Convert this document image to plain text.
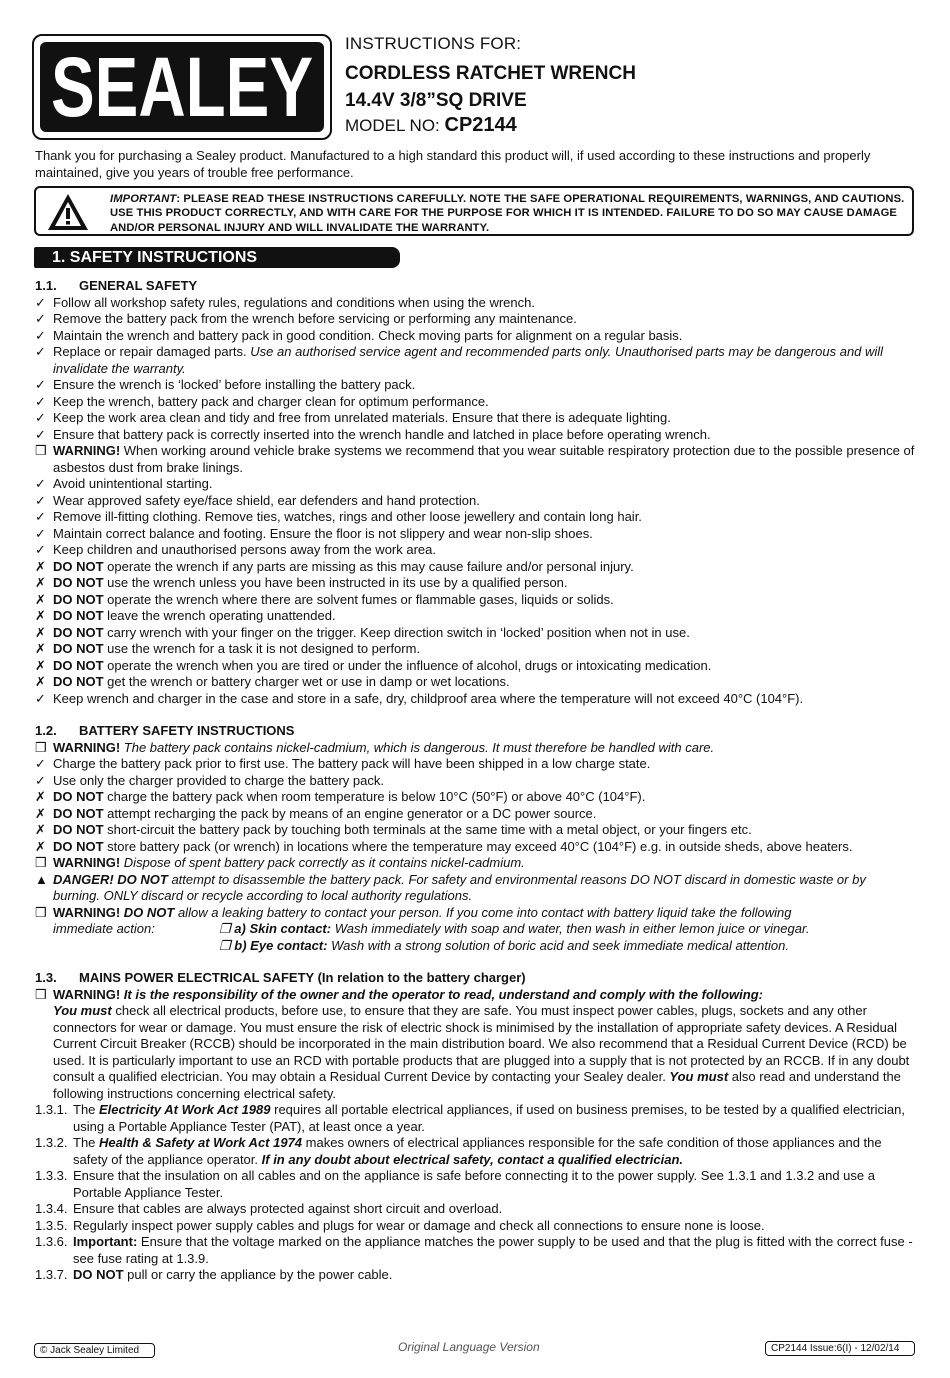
SEALEY INSTRUCTIONS FOR:
CORDLESS RATCHET WRENCH
14.4V 3/8”SQ DRIVE
MODEL NO: CP2144
Thank you for purchasing a Sealey product. Manufactured to a high standard this product will, if used according to these instructions and properly maintained, give you years of trouble free performance.
IMPORTANT: PLEASE READ THESE INSTRUCTIONS CAREFULLY. NOTE THE SAFE OPERATIONAL REQUIREMENTS, WARNINGS, AND CAUTIONS. USE THIS PRODUCT CORRECTLY, AND WITH CARE FOR THE PURPOSE FOR WHICH IT IS INTENDED. FAILURE TO DO SO MAY CAUSE DAMAGE AND/OR PERSONAL INJURY AND WILL INVALIDATE THE WARRANTY.
1. SAFETY INSTRUCTIONS
1.1. GENERAL SAFETY
✓ Follow all workshop safety rules, regulations and conditions when using the wrench.
✓ Remove the battery pack from the wrench before servicing or performing any maintenance.
✓ Maintain the wrench and battery pack in good condition. Check moving parts for alignment on a regular basis.
✓ Replace or repair damaged parts. Use an authorised service agent and recommended parts only. Unauthorised parts may be dangerous and will invalidate the warranty.
✓ Ensure the wrench is ‘locked’ before installing the battery pack.
✓ Keep the wrench, battery pack and charger clean for optimum performance.
✓ Keep the work area clean and tidy and free from unrelated materials. Ensure that there is adequate lighting.
✓ Ensure that battery pack is correctly inserted into the wrench handle and latched in place before operating wrench.
❒ WARNING! When working around vehicle brake systems we recommend that you wear suitable respiratory protection due to the possible presence of asbestos dust from brake linings.
✓ Avoid unintentional starting.
✓ Wear approved safety eye/face shield, ear defenders and hand protection.
✓ Remove ill-fitting clothing. Remove ties, watches, rings and other loose jewellery and contain long hair.
✓ Maintain correct balance and footing. Ensure the floor is not slippery and wear non-slip shoes.
✓ Keep children and unauthorised persons away from the work area.
✗ DO NOT operate the wrench if any parts are missing as this may cause failure and/or personal injury.
✗ DO NOT use the wrench unless you have been instructed in its use by a qualified person.
✗ DO NOT operate the wrench where there are solvent fumes or flammable gases, liquids or solids.
✗ DO NOT leave the wrench operating unattended.
✗ DO NOT carry wrench with your finger on the trigger. Keep direction switch in ‘locked’ position when not in use.
✗ DO NOT use the wrench for a task it is not designed to perform.
✗ DO NOT operate the wrench when you are tired or under the influence of alcohol, drugs or intoxicating medication.
✗ DO NOT get the wrench or battery charger wet or use in damp or wet locations.
✓ Keep wrench and charger in the case and store in a safe, dry, childproof area where the temperature will not exceed 40°C (104°F).
1.2. BATTERY SAFETY INSTRUCTIONS
❒ WARNING! The battery pack contains nickel-cadmium, which is dangerous. It must therefore be handled with care.
✓ Charge the battery pack prior to first use. The battery pack will have been shipped in a low charge state.
✓ Use only the charger provided to charge the battery pack.
✗ DO NOT charge the battery pack when room temperature is below 10°C (50°F) or above 40°C (104°F).
✗ DO NOT attempt recharging the pack by means of an engine generator or a DC power source.
✗ DO NOT short-circuit the battery pack by touching both terminals at the same time with a metal object, or your fingers etc.
✗ DO NOT store battery pack (or wrench) in locations where the temperature may exceed 40°C (104°F) e.g. in outside sheds, above heaters.
❒ WARNING! Dispose of spent battery pack correctly as it contains nickel-cadmium.
▲ DANGER! DO NOT attempt to disassemble the battery pack. For safety and environmental reasons DO NOT discard in domestic waste or by burning. ONLY discard or recycle according to local authority regulations.
❒ WARNING! DO NOT allow a leaking battery to contact your person. If you come into contact with battery liquid take the following
immediate action:	❒ a) Skin contact: Wash immediately with soap and water, then wash in either lemon juice or vinegar.
❒ b) Eye contact: Wash with a strong solution of boric acid and seek immediate medical attention.
1.3. MAINS POWER ELECTRICAL SAFETY (In relation to the battery charger)
❒ WARNING! It is the responsibility of the owner and the operator to read, understand and comply with the following:
You must check all electrical products, before use, to ensure that they are safe. You must inspect power cables, plugs, sockets and any other connectors for wear or damage. You must ensure the risk of electric shock is minimised by the installation of appropriate safety devices. A Residual Current Circuit Breaker (RCCB) should be incorporated in the main distribution board. We also recommend that a Residual Current Device (RCD) be used. It is particularly important to use an RCD with portable products that are plugged into a supply that is not protected by an RCCB. If in any doubt consult a qualified electrician. You may obtain a Residual Current Device by contacting your Sealey dealer. You must also read and understand the following instructions concerning electrical safety.
1.3.1. The Electricity At Work Act 1989 requires all portable electrical appliances, if used on business premises, to be tested by a qualified electrician, using a Portable Appliance Tester (PAT), at least once a year.
1.3.2. The Health & Safety at Work Act 1974 makes owners of electrical appliances responsible for the safe condition of those appliances and the safety of the appliance operator. If in any doubt about electrical safety, contact a qualified electrician.
1.3.3. Ensure that the insulation on all cables and on the appliance is safe before connecting it to the power supply. See 1.3.1 and 1.3.2 and use a Portable Appliance Tester.
1.3.4. Ensure that cables are always protected against short circuit and overload.
1.3.5. Regularly inspect power supply cables and plugs for wear or damage and check all connections to ensure none is loose.
1.3.6. Important: Ensure that the voltage marked on the appliance matches the power supply to be used and that the plug is fitted with the correct fuse - see fuse rating at 1.3.9.
1.3.7. DO NOT pull or carry the appliance by the power cable.
© Jack Sealey Limited	Original Language Version	CP2144 Issue:6(I) - 12/02/14
